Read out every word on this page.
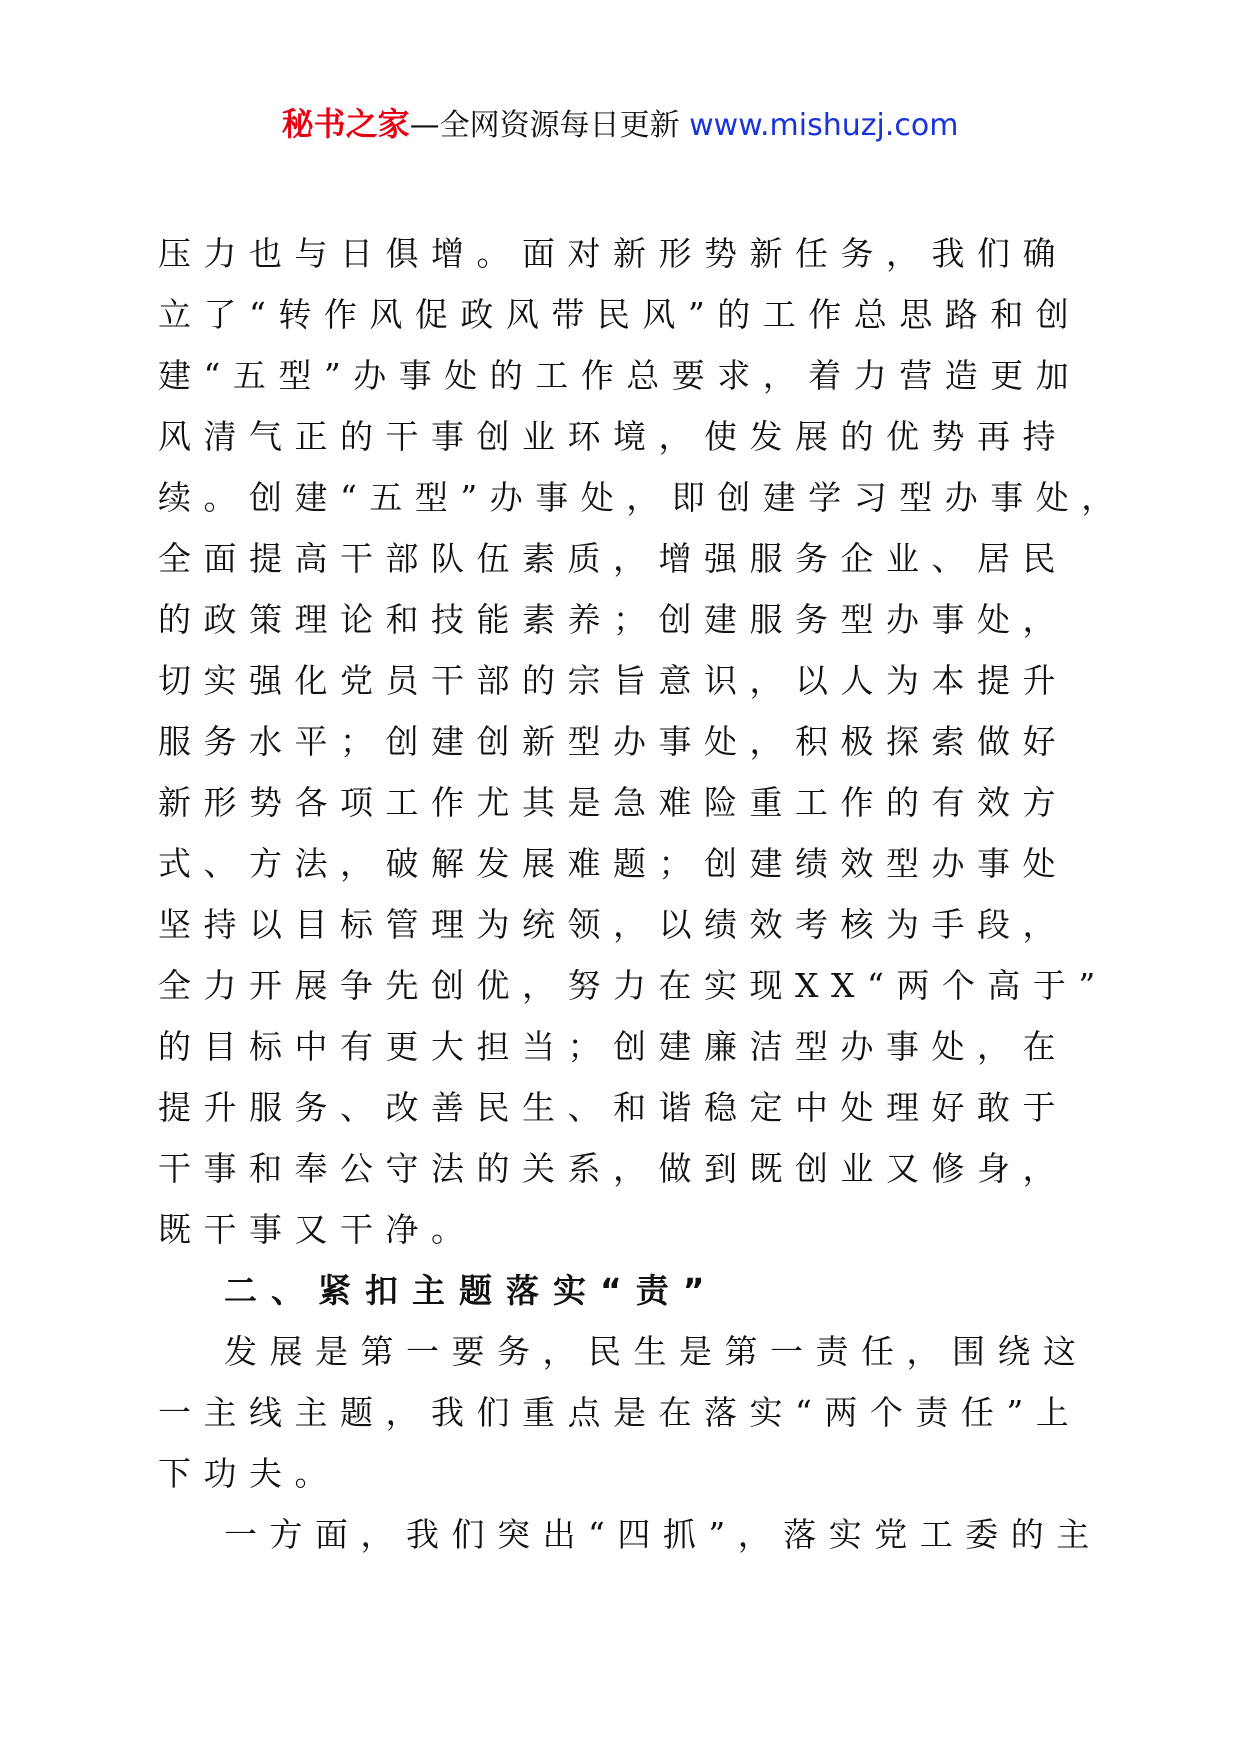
秘书之家—全网资源每日更新 www.mishuzj.com
压力也与日俱增。面对新形势新任务，我们确
立了“转作风促政风带民风”的工作总思路和创
建“五型”办事处的工作总要求，着力营造更加
风清气正的干事创业环境，使发展的优势再持
续。创建“五型”办事处，即创建学习型办事处，
全面提高干部队伍素质，增强服务企业、居民
的政策理论和技能素养；创建服务型办事处，
切实强化党员干部的宗旨意识，以人为本提升
服务水平；创建创新型办事处，积极探索做好
新形势各项工作尤其是急难险重工作的有效方
式、方法，破解发展难题；创建绩效型办事处
坚持以目标管理为统领，以绩效考核为手段，
全力开展争先创优，努力在实现XX“两个高于”
的目标中有更大担当；创建廉洁型办事处，在
提升服务、改善民生、和谐稳定中处理好敢于
干事和奉公守法的关系，做到既创业又修身，
既干事又干净。
二、紧扣主题落实“责”
发展是第一要务，民生是第一责任，围绕这
一主线主题，我们重点是在落实“两个责任”上
下功夫。
一方面，我们突出“四抓”，落实党工委的主
